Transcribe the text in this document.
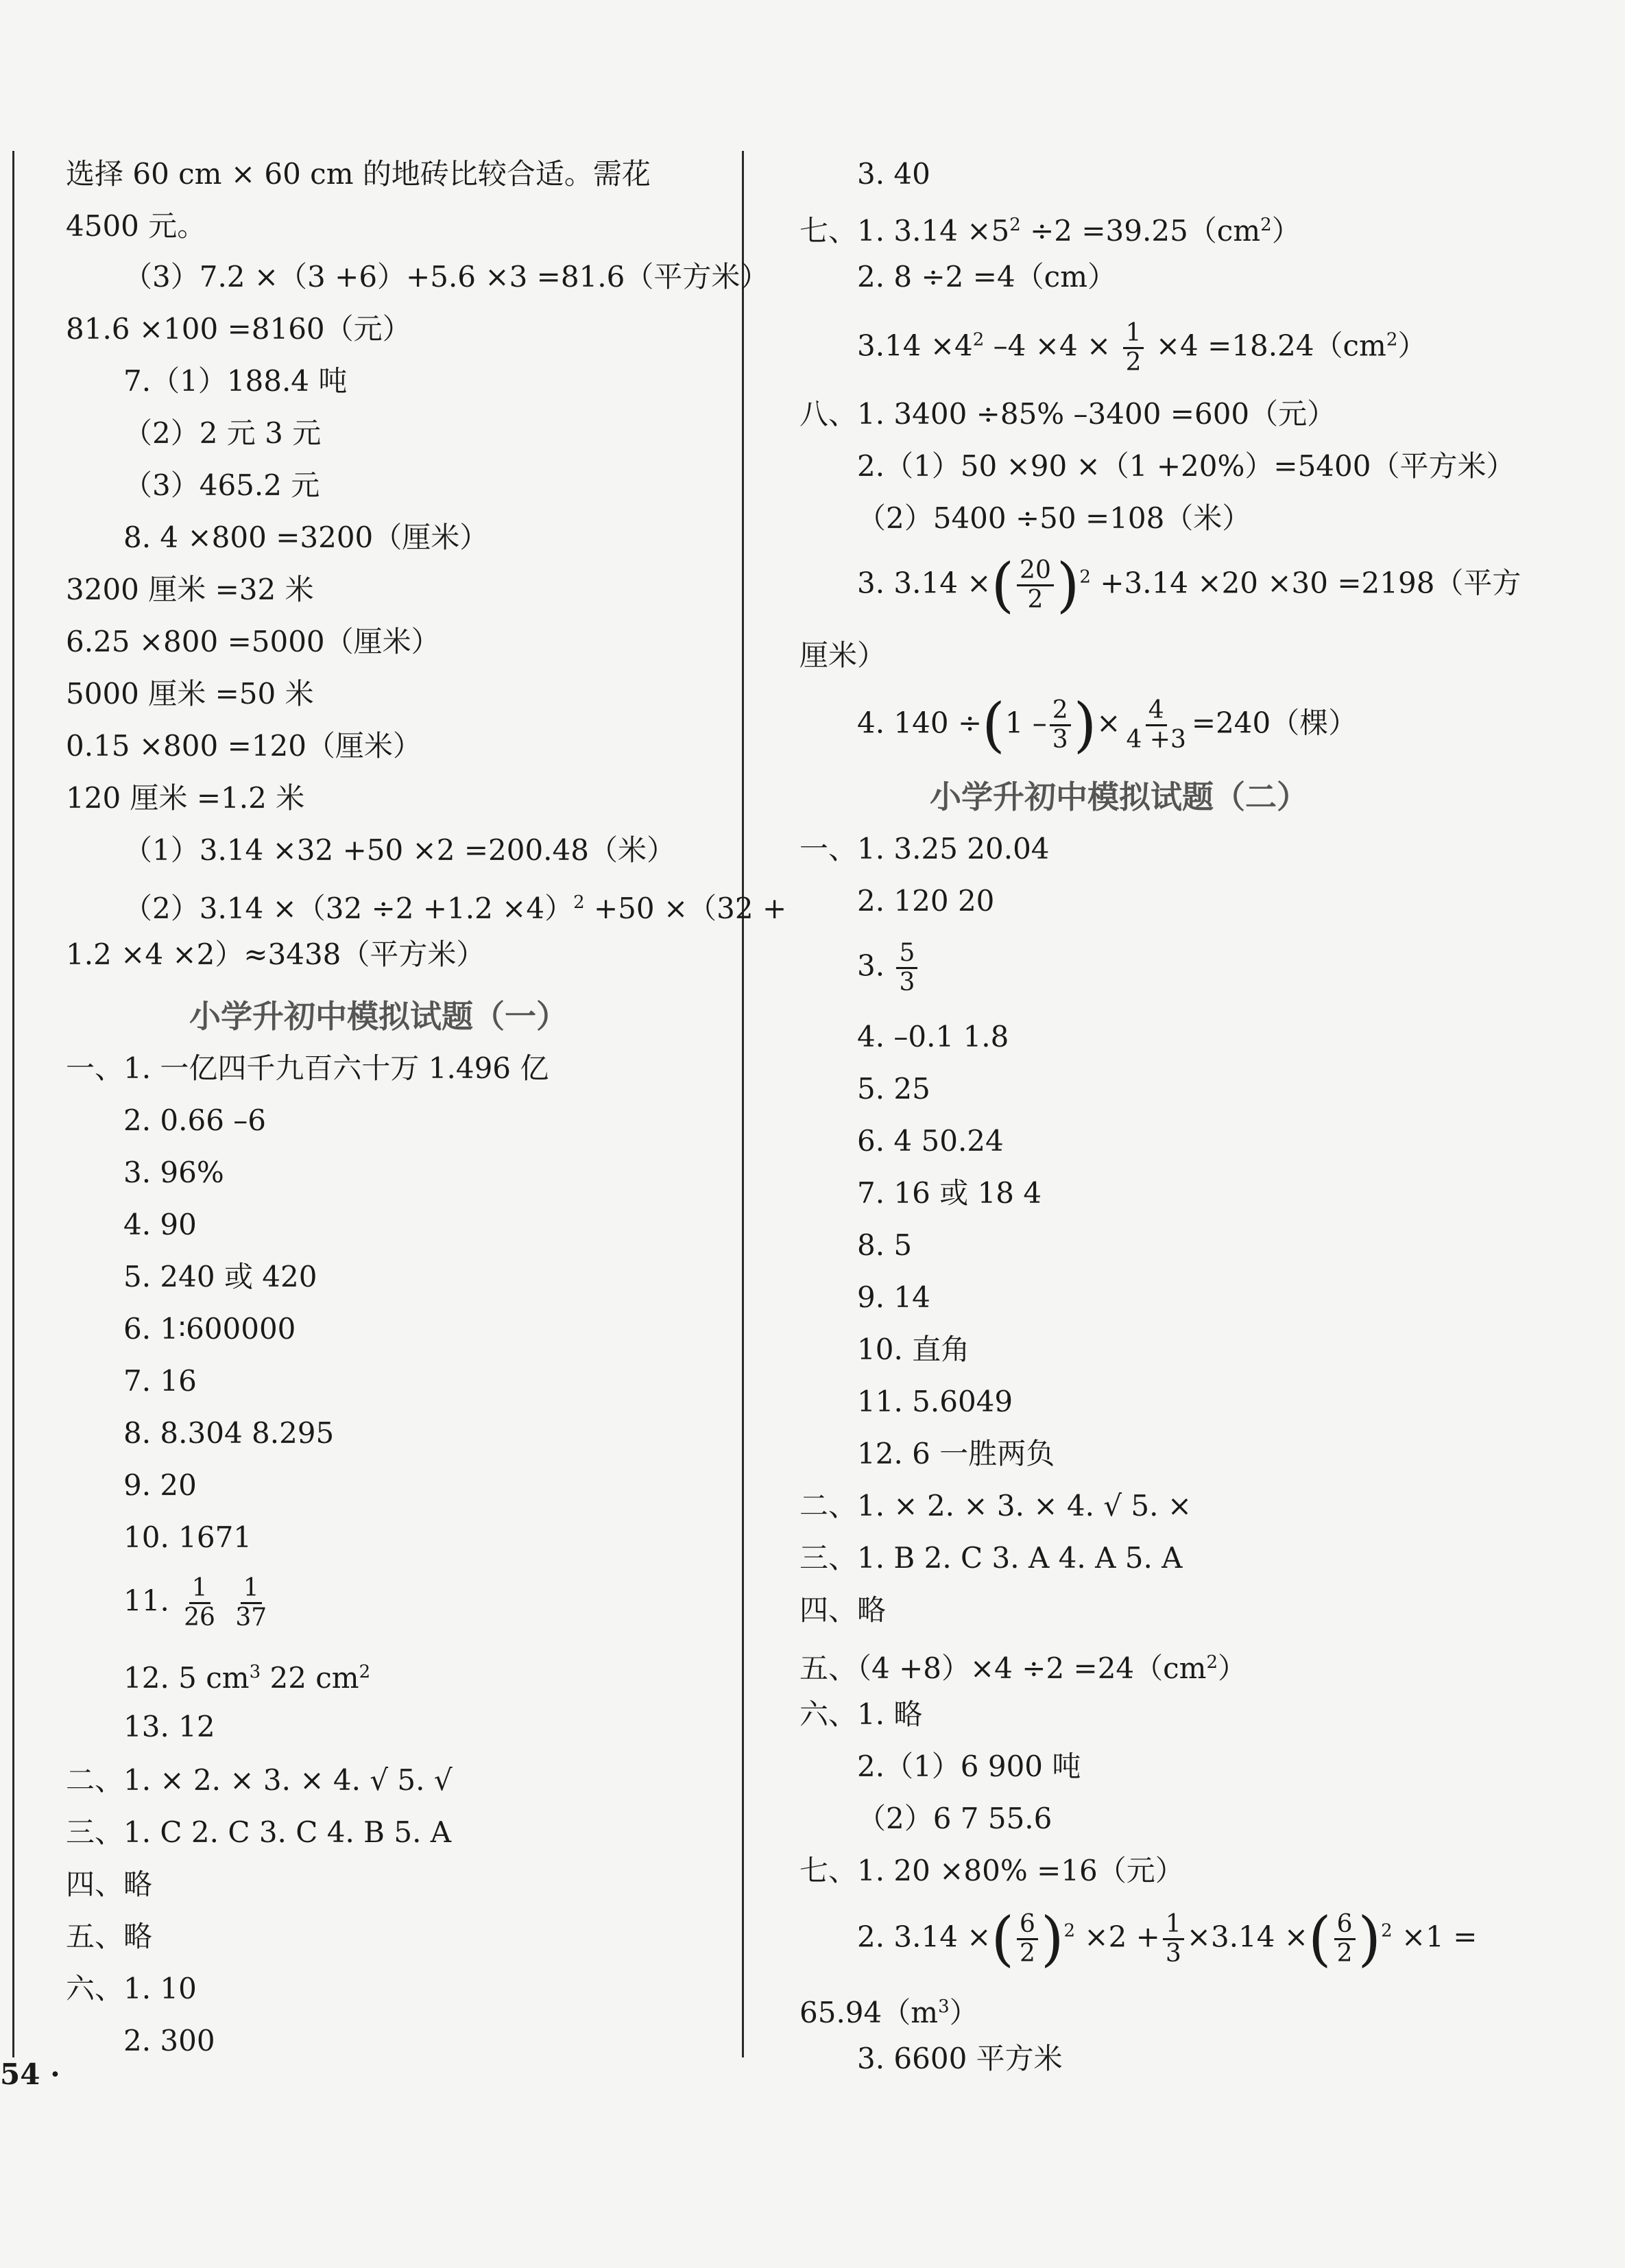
选择 60 cm × 60 cm 的地砖比较合适。需花
4500 元。
（3）7.2 ×（3 +6）+5.6 ×3 =81.6（平方米）
81.6 ×100 =8160（元）
7.（1）188.4 吨
（2）2 元 3 元
（3）465.2 元
8. 4 ×800 =3200（厘米）
3200 厘米 =32 米
6.25 ×800 =5000（厘米）
5000 厘米 =50 米
0.15 ×800 =120（厘米）
120 厘米 =1.2 米
（1）3.14 ×32 +50 ×2 =200.48（米）
$(2)3.14 \times(32 \div 2 +1.2 \times 4)^2 +50 \times(32$ +
1.2 ×4 ×2）≈3438（平方米）
小学升初中模拟试题（一）
一、1. 一亿四千九百六十万 1.496 亿
2. 0.66 –6
3. 96%
4. 90
5. 240 或 420
6. 1∶600000
7. 16
8. 8.304 8.295
9. 20
10. 1671
11. $\frac{1}{26}$
$\frac{1}{37}$
12. 5 $cm^3$ 22 $cm^2$
13. 12
二、1. × 2. × 3. × 4. √ 5. √
三、1. C 2. C 3. C 4. B 5. A
四、略
五、略
六、1. 10
2. 300
54 ·
3. 40
七、1. $3.14 \times 5^2 \div 2 =39.25(cm^2)$
2. 8 ÷2 =4（cm）
$3.14 \times 4^2$ $-4 \times 4 \times \frac{1}{2} \times 4 =18.24(cm^2)$
八、1. 3400 ÷85% –3400 =600（元）
2.（1）50 ×90 ×（1 +20%）=5400（平方米）
（2）5400 ÷50 =108（米）
3. 3.14 ×( $\frac{20}{2} )^2 +3.14 \times 20 \times 30 =2198$（平方
厘米）
4. $140 \div(1 - \frac{2}{3}$ )× $\frac{4}{4 +3} =240$（棵）
小学升初中模拟试题（二）
一、1. 3.25 20.04
2. 120 20
3. $\frac{5}{3}$
4. –0.1 1.8
5. 25
6. 4 50.24
7. 16 或 18 4
8. 5
9. 14
10. 直角
11. 5.6049
12. 6 一胜两负
二、1. × 2. × 3. × 4. √ 5. ×
三、1. B 2. C 3. A 4. A 5. A
四、略
五、$(4 +8)\times 4 \div 2 =24(cm^2)$
六、1. 略
2.（1）6 900 吨
（2）6 7 55.6
七、1. 20 ×80% =16（元）
2. 3.14 ×( $\frac{6}{2} )^2 \times 2 + \frac{1}{3} \times 3.14$ ×( $\frac{6}{2} )^2 \times 1$ =
$65.94(m^3)$
3. 6600 平方米
